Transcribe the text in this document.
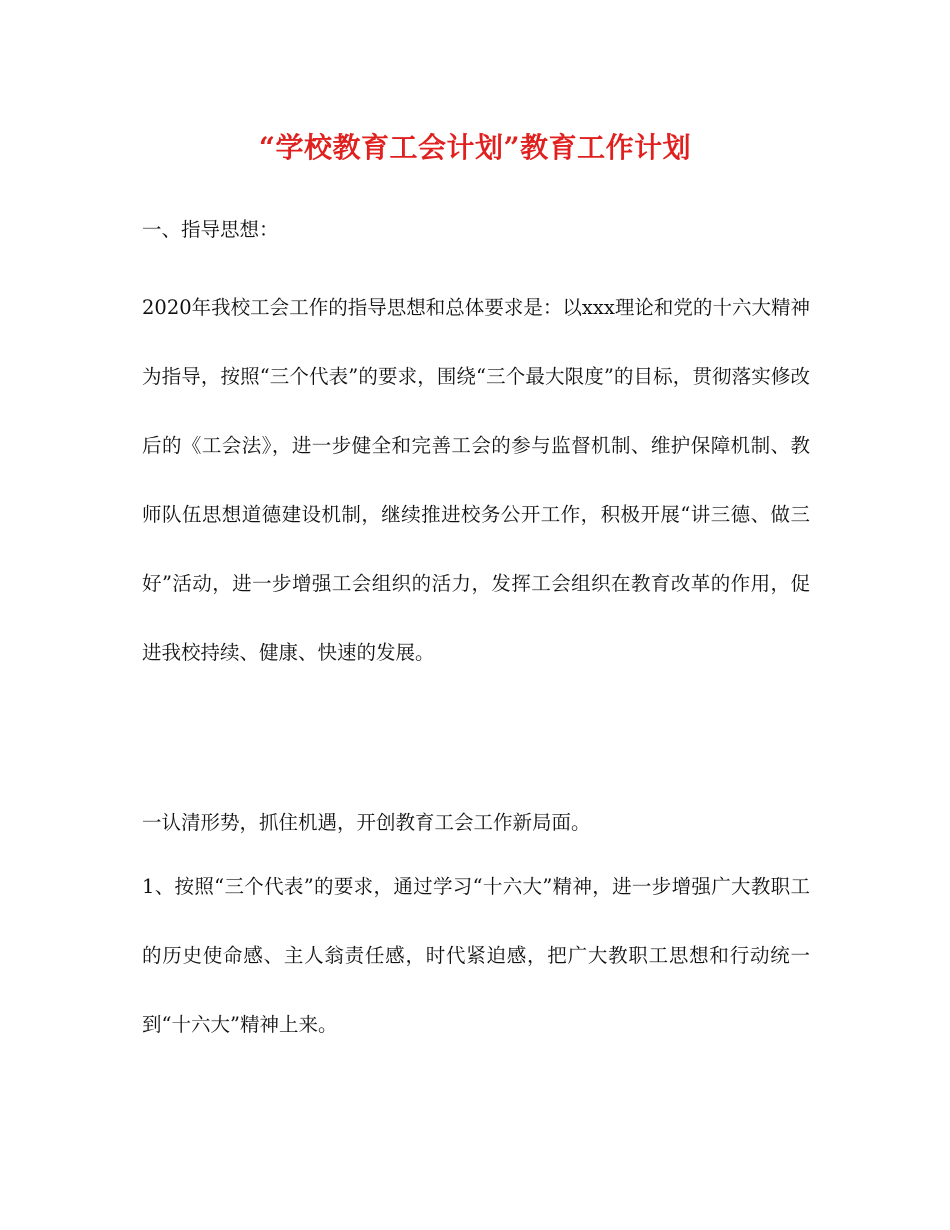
“学校教育工会计划”教育工作计划

一、指导思想：

2020年我校工会工作的指导思想和总体要求是：以xxx理论和党的十六大精神为指导，按照“三个代表”的要求，围绕“三个最大限度”的目标，贯彻落实修改后的《工会法》，进一步健全和完善工会的参与监督机制、维护保障机制、教师队伍思想道德建设机制，继续推进校务公开工作，积极开展“讲三德、做三好”活动，进一步增强工会组织的活力，发挥工会组织在教育改革的作用，促进我校持续、健康、快速的发展。

一认清形势，抓住机遇，开创教育工会工作新局面。

1、按照“三个代表”的要求，通过学习“十六大”精神，进一步增强广大教职工的历史使命感、主人翁责任感，时代紧迫感，把广大教职工思想和行动统一到“十六大”精神上来。
